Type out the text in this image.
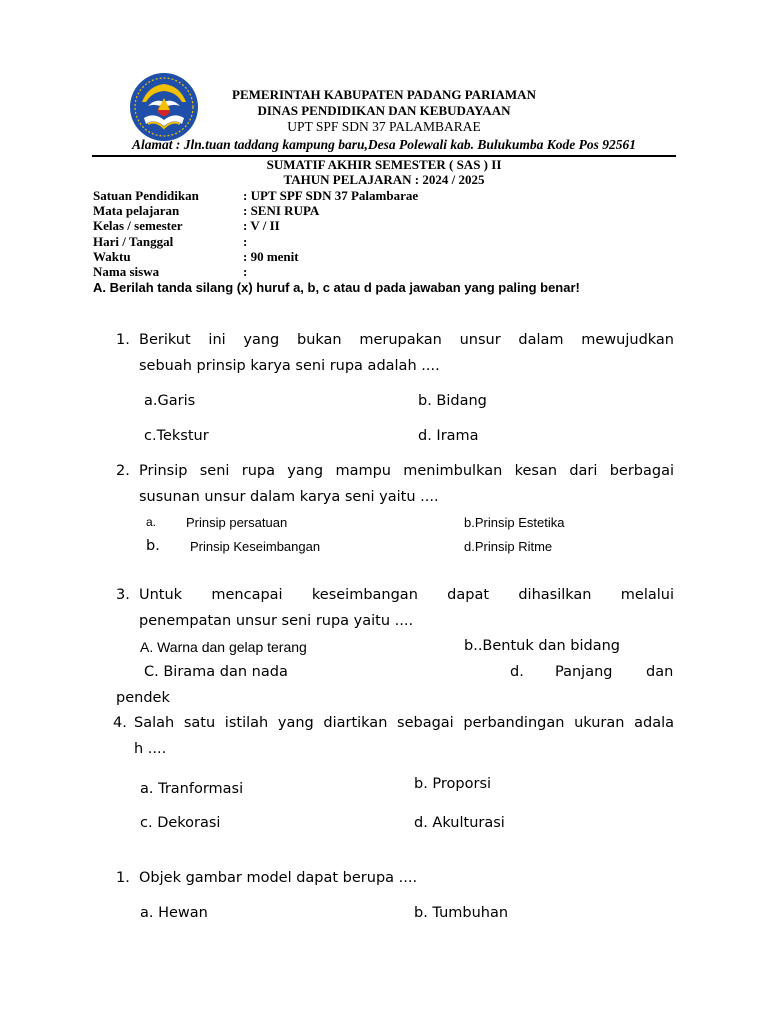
PEMERINTAH KABUPATEN PADANG PARIAMAN
DINAS PENDIDIKAN DAN KEBUDAYAAN
UPT SPF SDN 37 PALAMBARAE
Alamat : Jln.tuan taddang kampung baru,Desa Polewali kab. Bulukumba Kode Pos 92561
SUMATIF AKHIR SEMESTER ( SAS ) II
TAHUN PELAJARAN : 2024 / 2025
Satuan Pendidikan	: UPT SPF SDN 37 Palambarae
Mata pelajaran	: SENI RUPA
Kelas / semester	: V / II
Hari / Tanggal	:
Waktu	: 90 menit
Nama siswa	:
A. Berilah tanda silang (x) huruf a, b, c atau d pada jawaban yang paling benar!
1. Berikut ini yang bukan merupakan unsur dalam mewujudkan
sebuah prinsip karya seni rupa adalah ....
a.Garis	b. Bidang
c.Tekstur	d. Irama
2. Prinsip seni rupa yang mampu menimbulkan kesan dari berbagai
susunan unsur dalam karya seni yaitu ....
a. Prinsip persatuan	b.Prinsip Estetika
b. Prinsip Keseimbangan	d.Prinsip Ritme
3. Untuk mencapai keseimbangan dapat dihasilkan melalui
penempatan unsur seni rupa yaitu ....
A. Warna dan gelap terang	b..Bentuk dan bidang
C. Birama dan nada	d. Panjang dan
pendek
4. Salah satu istilah yang diartikan sebagai perbandingan ukuran adala
h ....
a. Tranformasi	b. Proporsi
c. Dekorasi	d. Akulturasi
1. Objek gambar model dapat berupa ....
a. Hewan	b. Tumbuhan
